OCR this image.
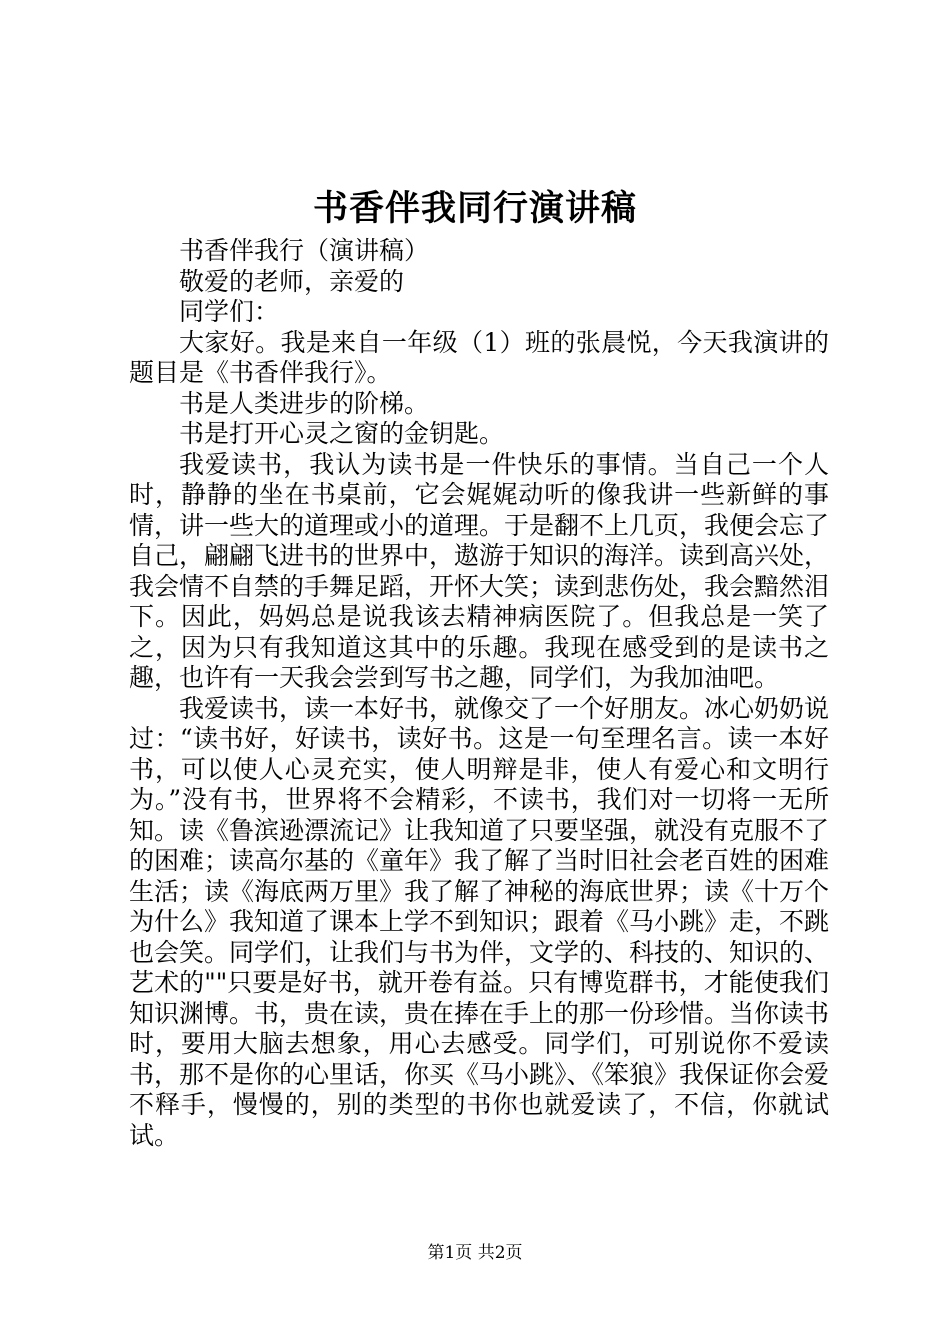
书香伴我同行演讲稿

书香伴我行（演讲稿）

敬爱的老师，亲爱的

同学们：

大家好。我是来自一年级（1）班的张晨悦，今天我演讲的题目是《书香伴我行》。

书是人类进步的阶梯。

书是打开心灵之窗的金钥匙。

我爱读书，我认为读书是一件快乐的事情。当自己一个人时，静静的坐在书桌前，它会娓娓动听的像我讲一些新鲜的事情，讲一些大的道理或小的道理。于是翻不上几页，我便会忘了自己，翩翩飞进书的世界中，遨游于知识的海洋。读到高兴处，我会情不自禁的手舞足蹈，开怀大笑；读到悲伤处，我会黯然泪下。因此，妈妈总是说我该去精神病医院了。但我总是一笑了之，因为只有我知道这其中的乐趣。我现在感受到的是读书之趣，也许有一天我会尝到写书之趣，同学们，为我加油吧。

我爱读书，读一本好书，就像交了一个好朋友。冰心奶奶说过：“读书好，好读书，读好书。这是一句至理名言。读一本好书，可以使人心灵充实，使人明辩是非，使人有爱心和文明行为。”没有书，世界将不会精彩，不读书，我们对一切将一无所知。读《鲁滨逊漂流记》让我知道了只要坚强，就没有克服不了的困难；读高尔基的《童年》我了解了当时旧社会老百姓的困难生活；读《海底两万里》我了解了神秘的海底世界；读《十万个为什么》我知道了课本上学不到知识；跟着《马小跳》走，不跳也会笑。同学们，让我们与书为伴，文学的、科技的、知识的、艺术的""只要是好书，就开卷有益。只有博览群书，才能使我们知识渊博。书，贵在读，贵在捧在手上的那一份珍惜。当你读书时，要用大脑去想象，用心去感受。同学们，可别说你不爱读书，那不是你的心里话，你买《马小跳》、《笨狼》我保证你会爱不释手，慢慢的，别的类型的书你也就爱读了，不信，你就试试。

第1页 共2页
